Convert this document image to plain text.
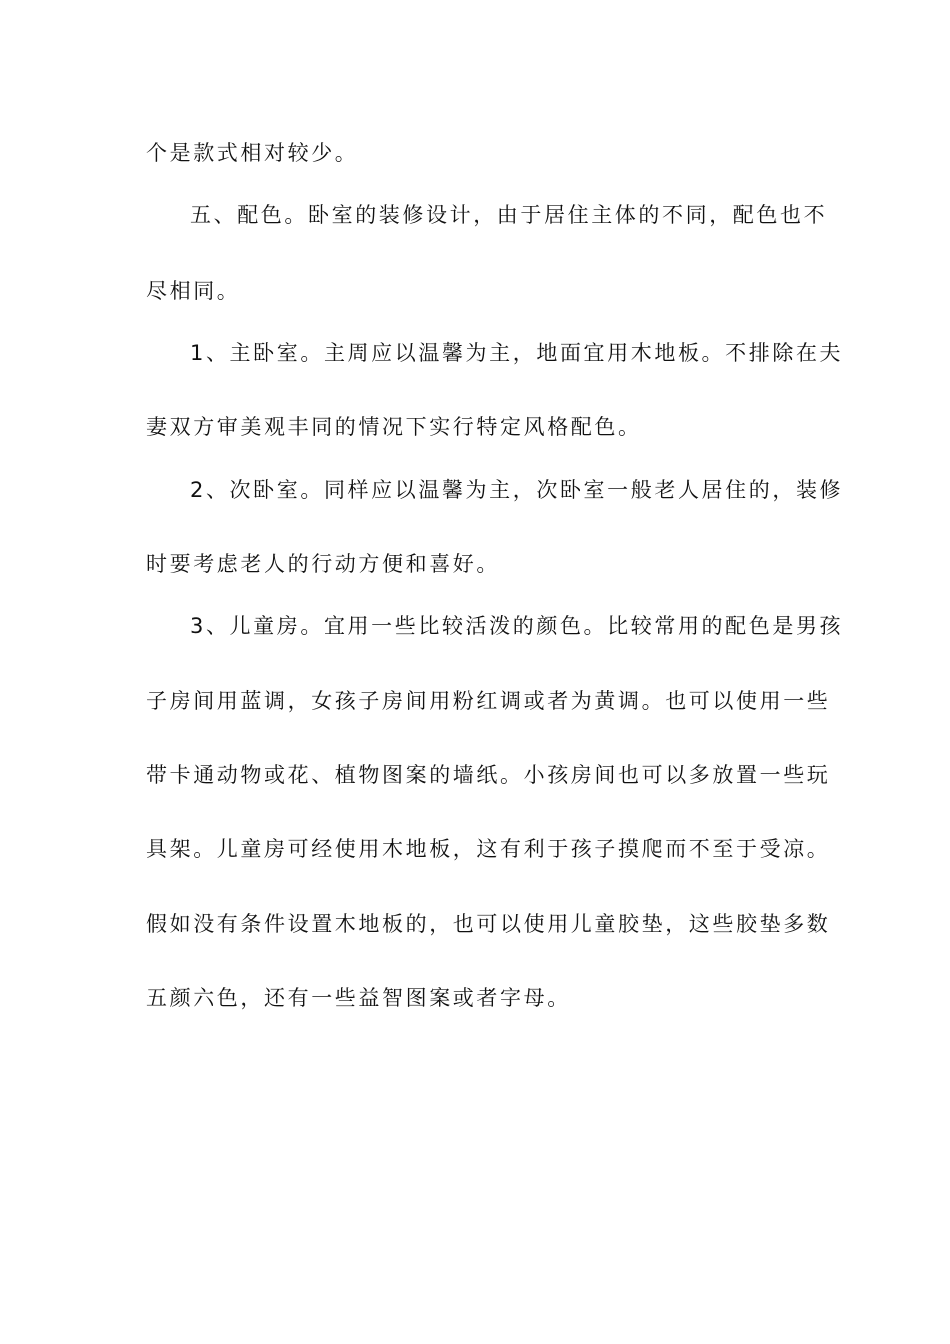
个是款式相对较少。
五、配色。卧室的装修设计，由于居住主体的不同，配色也不
尽相同。
1、主卧室。主周应以温馨为主，地面宜用木地板。不排除在夫
妻双方审美观丰同的情况下实行特定风格配色。
2、次卧室。同样应以温馨为主，次卧室一般老人居住的，装修
时要考虑老人的行动方便和喜好。
3、儿童房。宜用一些比较活泼的颜色。比较常用的配色是男孩
子房间用蓝调，女孩子房间用粉红调或者为黄调。也可以使用一些
带卡通动物或花、植物图案的墙纸。小孩房间也可以多放置一些玩
具架。儿童房可经使用木地板，这有利于孩子摸爬而不至于受凉。
假如没有条件设置木地板的，也可以使用儿童胶垫，这些胶垫多数
五颜六色，还有一些益智图案或者字母。
